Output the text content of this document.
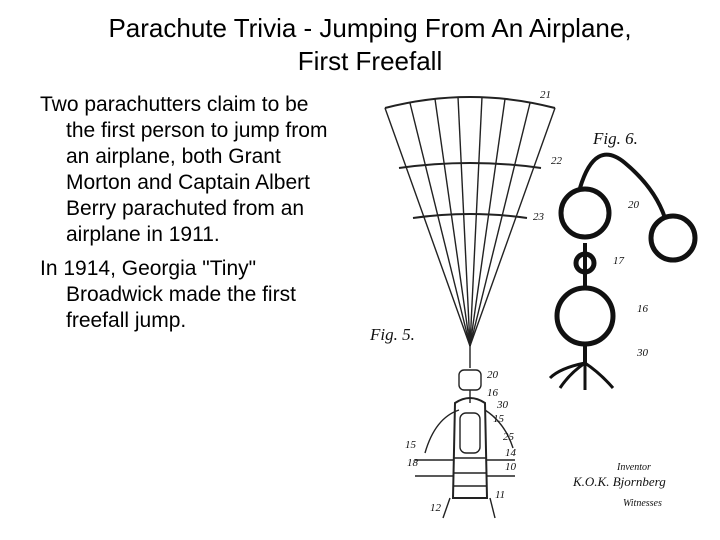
Parachute Trivia - Jumping From An Airplane,
First Freefall

Two parachutters claim to be the first person to jump from an airplane, both Grant Morton and Captain Albert Berry parachuted from an airplane in 1911.

In 1914, Georgia "Tiny" Broadwick made the first freefall jump.

Fig. 6.
Fig. 5.
21
22
23
20
17
16
30
20
16
30
15
25
14
10
12
15
18
11
Inventor
K.O.K. Bjornberg
Witnesses
